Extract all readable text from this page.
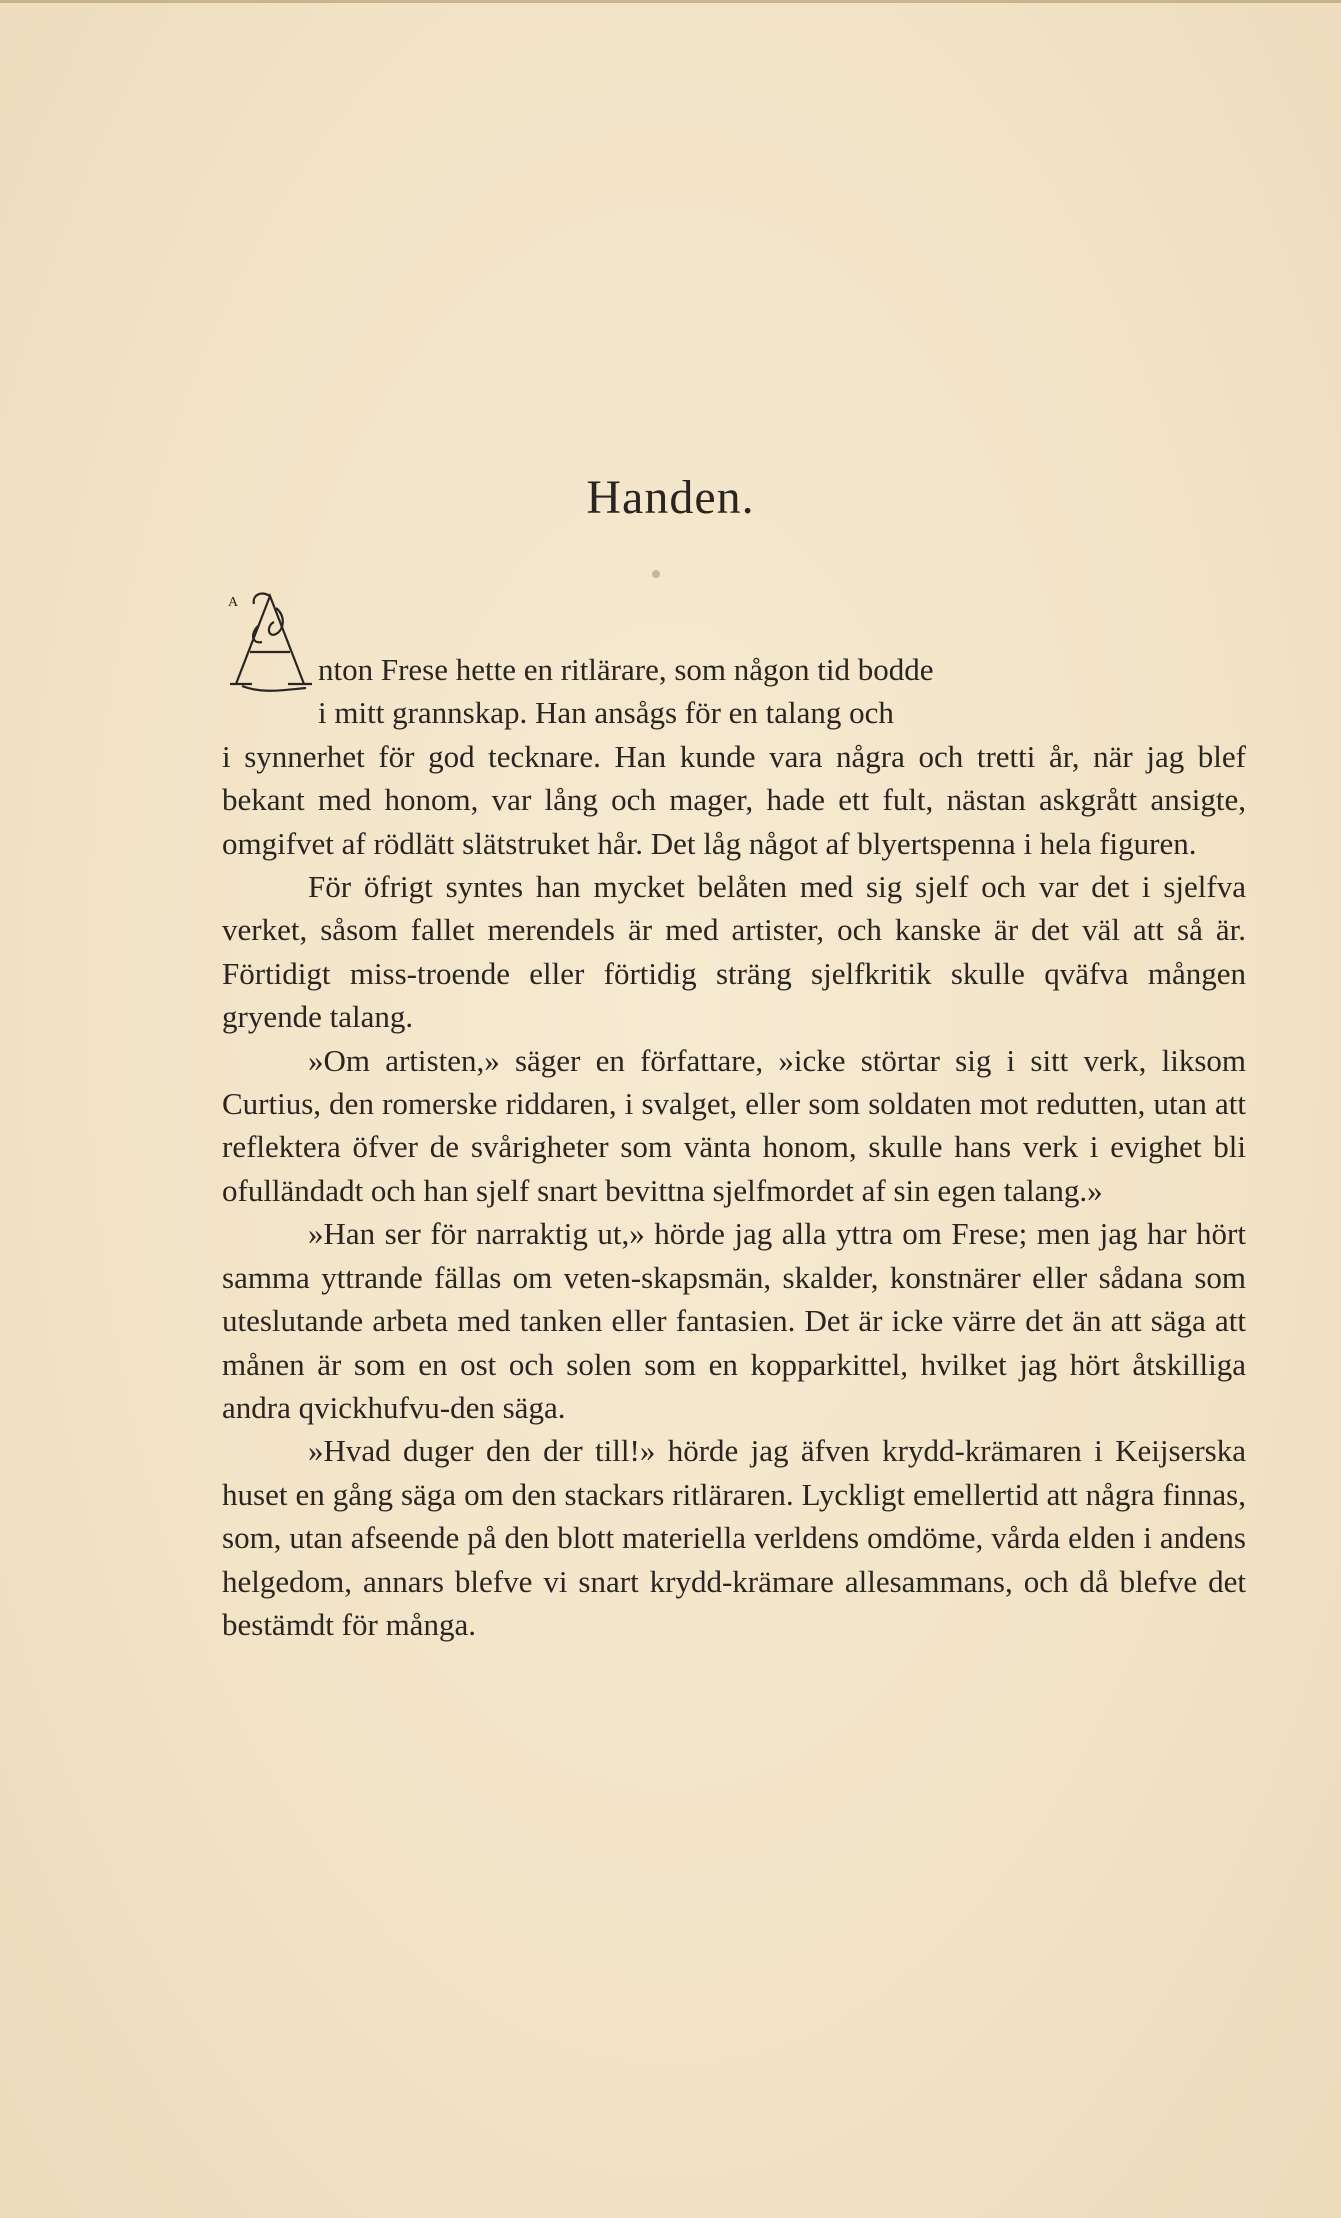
Handen.
A
nton Frese hette en ritlärare, som någon tid bodde
i mitt grannskap. Han ansågs för en talang och
i synnerhet för god tecknare. Han kunde vara några och tretti år, när jag blef bekant med honom, var lång och mager, hade ett fult, nästan askgrått ansigte, omgifvet af rödlätt slätstruket hår. Det låg något af blyertspenna i hela figuren.

För öfrigt syntes han mycket belåten med sig sjelf och var det i sjelfva verket, såsom fallet merendels är med artister, och kanske är det väl att så är. Förtidigt miss-troende eller förtidig sträng sjelfkritik skulle qväfva mången gryende talang.

»Om artisten,» säger en författare, »icke störtar sig i sitt verk, liksom Curtius, den romerske riddaren, i svalget, eller som soldaten mot redutten, utan att reflektera öfver de svårigheter som vänta honom, skulle hans verk i evighet bli ofulländadt och han sjelf snart bevittna sjelfmordet af sin egen talang.»

»Han ser för narraktig ut,» hörde jag alla yttra om Frese; men jag har hört samma yttrande fällas om veten-skapsmän, skalder, konstnärer eller sådana som uteslutande arbeta med tanken eller fantasien. Det är icke värre det än att säga att månen är som en ost och solen som en kopparkittel, hvilket jag hört åtskilliga andra qvickhufvu-den säga.

»Hvad duger den der till!» hörde jag äfven krydd-krämaren i Keijserska huset en gång säga om den stackars ritläraren. Lyckligt emellertid att några finnas, som, utan afseende på den blott materiella verldens omdöme, vårda elden i andens helgedom, annars blefve vi snart krydd-krämare allesammans, och då blefve det bestämdt för många.
